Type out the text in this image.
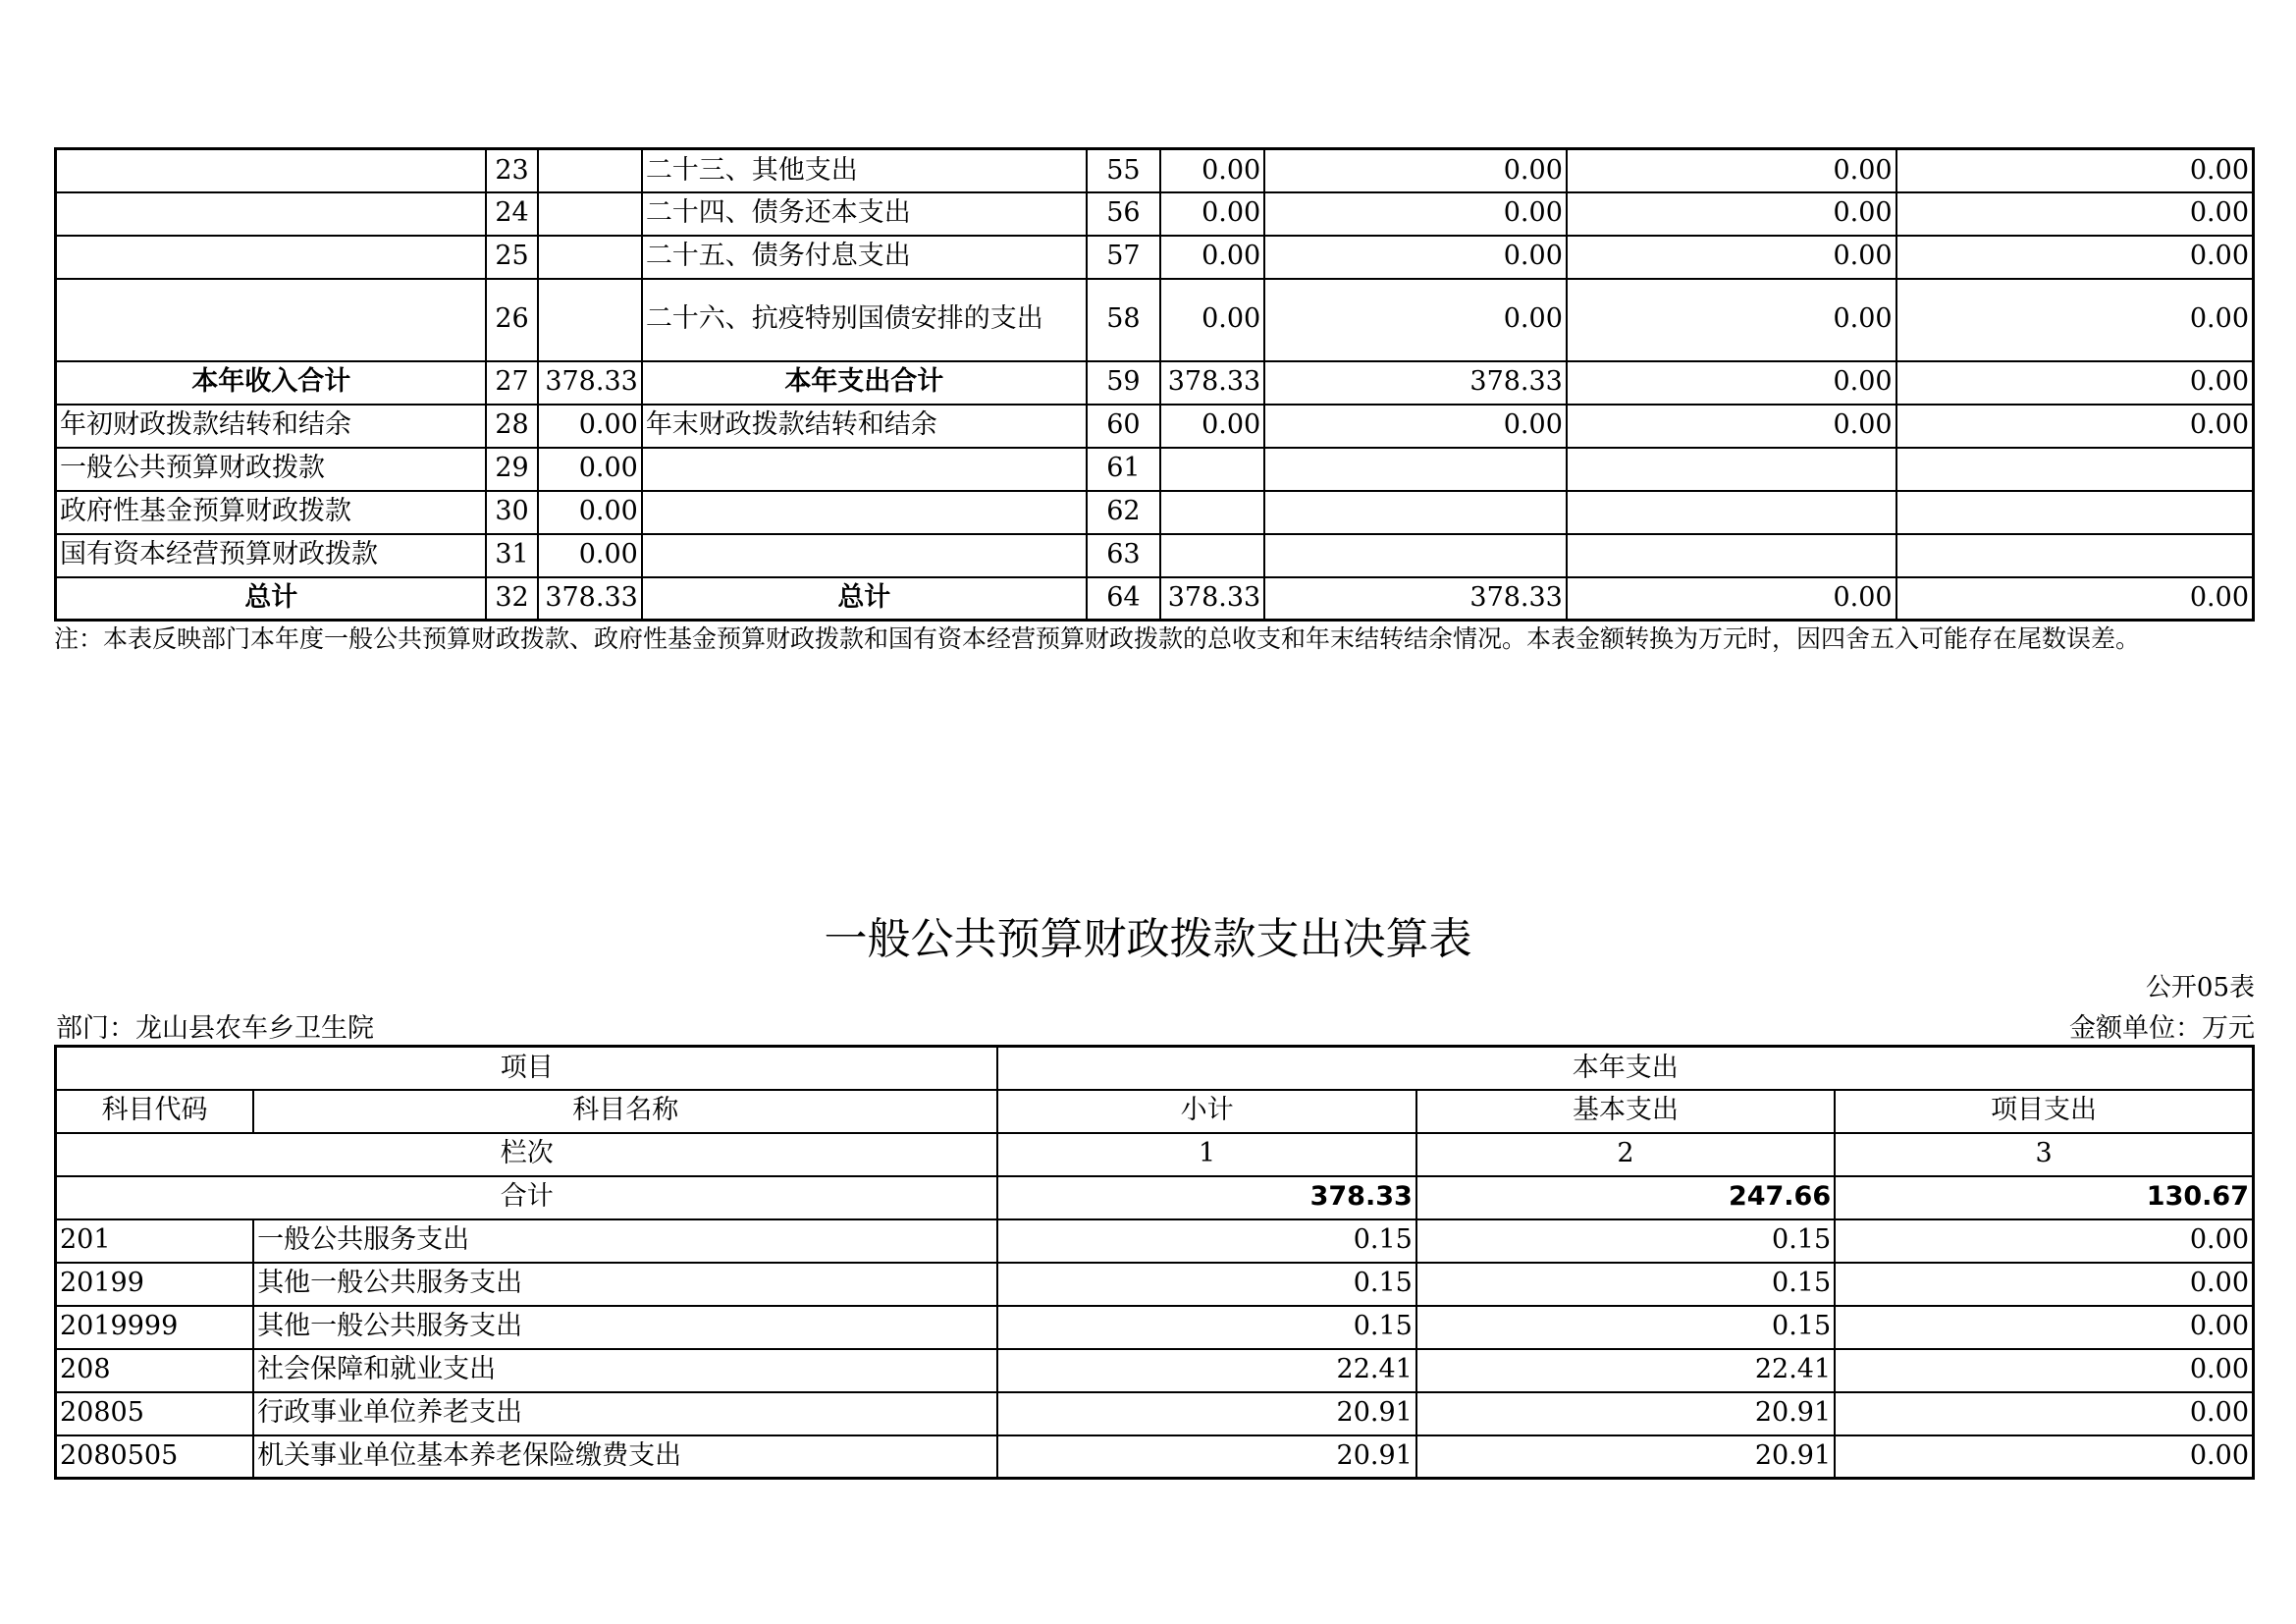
	23		二十三、其他支出	55	0.00	0.00	0.00	0.00
	24		二十四、债务还本支出	56	0.00	0.00	0.00	0.00
	25		二十五、债务付息支出	57	0.00	0.00	0.00	0.00
	26		二十六、抗疫特别国债安排的支出	58	0.00	0.00	0.00	0.00
本年收入合计	27	378.33	本年支出合计	59	378.33	378.33	0.00	0.00
年初财政拨款结转和结余	28	0.00	年末财政拨款结转和结余	60	0.00	0.00	0.00	0.00
一般公共预算财政拨款	29	0.00		61				
政府性基金预算财政拨款	30	0.00		62				
国有资本经营预算财政拨款	31	0.00		63				
总计	32	378.33	总计	64	378.33	378.33	0.00	0.00
注：本表反映部门本年度一般公共预算财政拨款、政府性基金预算财政拨款和国有资本经营预算财政拨款的总收支和年末结转结余情况。本表金额转换为万元时，因四舍五入可能存在尾数误差。
一般公共预算财政拨款支出决算表
公开05表
部门：龙山县农车乡卫生院	金额单位：万元
项目		本年支出		
科目代码	科目名称	小计	基本支出	项目支出
栏次		1	2	3
合计		378.33	247.66	130.67
201	一般公共服务支出	0.15	0.15	0.00
20199	其他一般公共服务支出	0.15	0.15	0.00
2019999	其他一般公共服务支出	0.15	0.15	0.00
208	社会保障和就业支出	22.41	22.41	0.00
20805	行政事业单位养老支出	20.91	20.91	0.00
2080505	机关事业单位基本养老保险缴费支出	20.91	20.91	0.00
